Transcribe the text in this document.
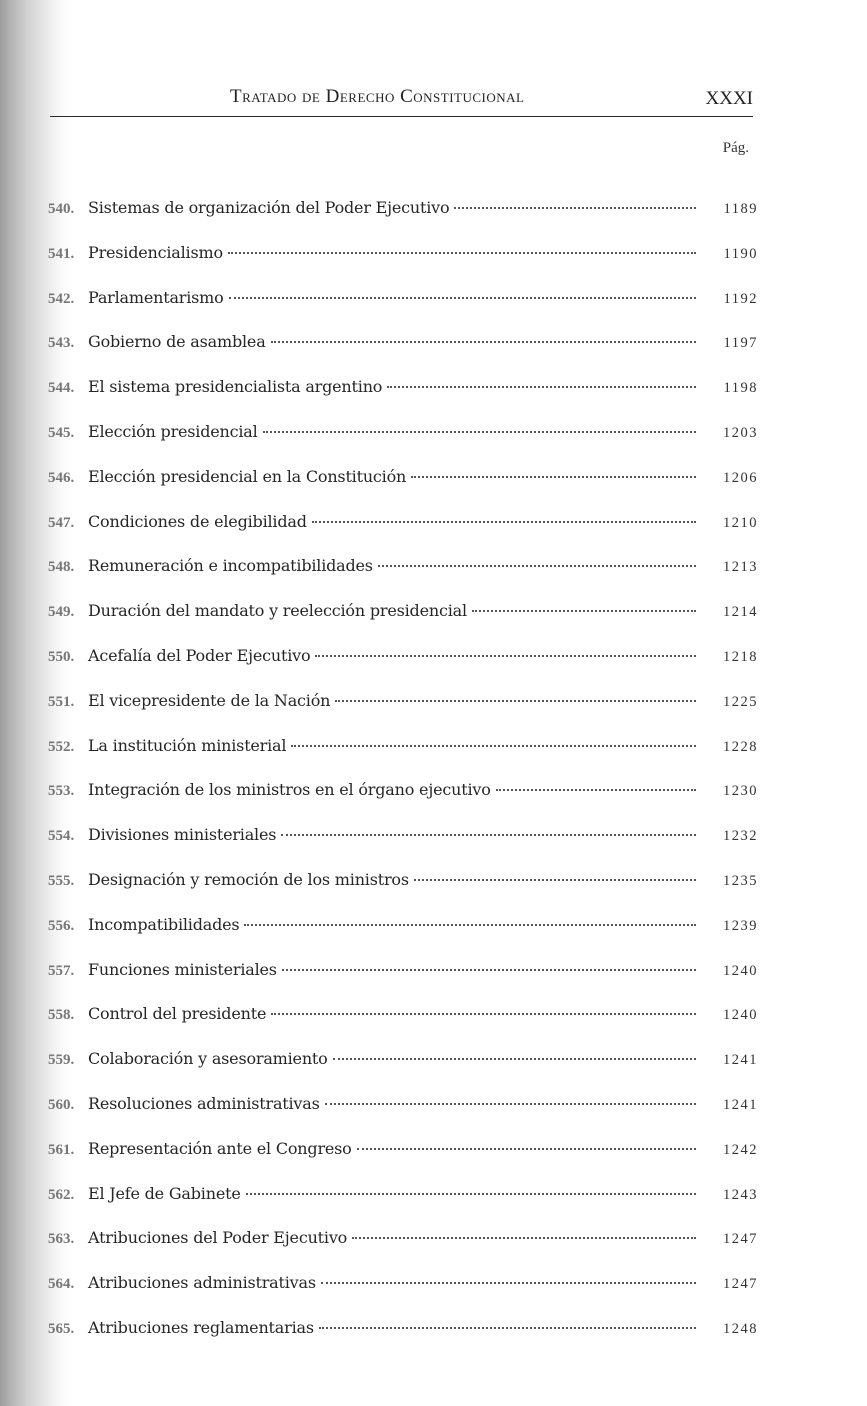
Tratado de Derecho Constitucional	XXXI
Pág.
540. Sistemas de organización del Poder Ejecutivo	1189
541. Presidencialismo	1190
542. Parlamentarismo	1192
543. Gobierno de asamblea	1197
544. El sistema presidencialista argentino	1198
545. Elección presidencial	1203
546. Elección presidencial en la Constitución	1206
547. Condiciones de elegibilidad	1210
548. Remuneración e incompatibilidades	1213
549. Duración del mandato y reelección presidencial	1214
550. Acefalía del Poder Ejecutivo	1218
551. El vicepresidente de la Nación	1225
552. La institución ministerial	1228
553. Integración de los ministros en el órgano ejecutivo	1230
554. Divisiones ministeriales	1232
555. Designación y remoción de los ministros	1235
556. Incompatibilidades	1239
557. Funciones ministeriales	1240
558. Control del presidente	1240
559. Colaboración y asesoramiento	1241
560. Resoluciones administrativas	1241
561. Representación ante el Congreso	1242
562. El Jefe de Gabinete	1243
563. Atribuciones del Poder Ejecutivo	1247
564. Atribuciones administrativas	1247
565. Atribuciones reglamentarias	1248
